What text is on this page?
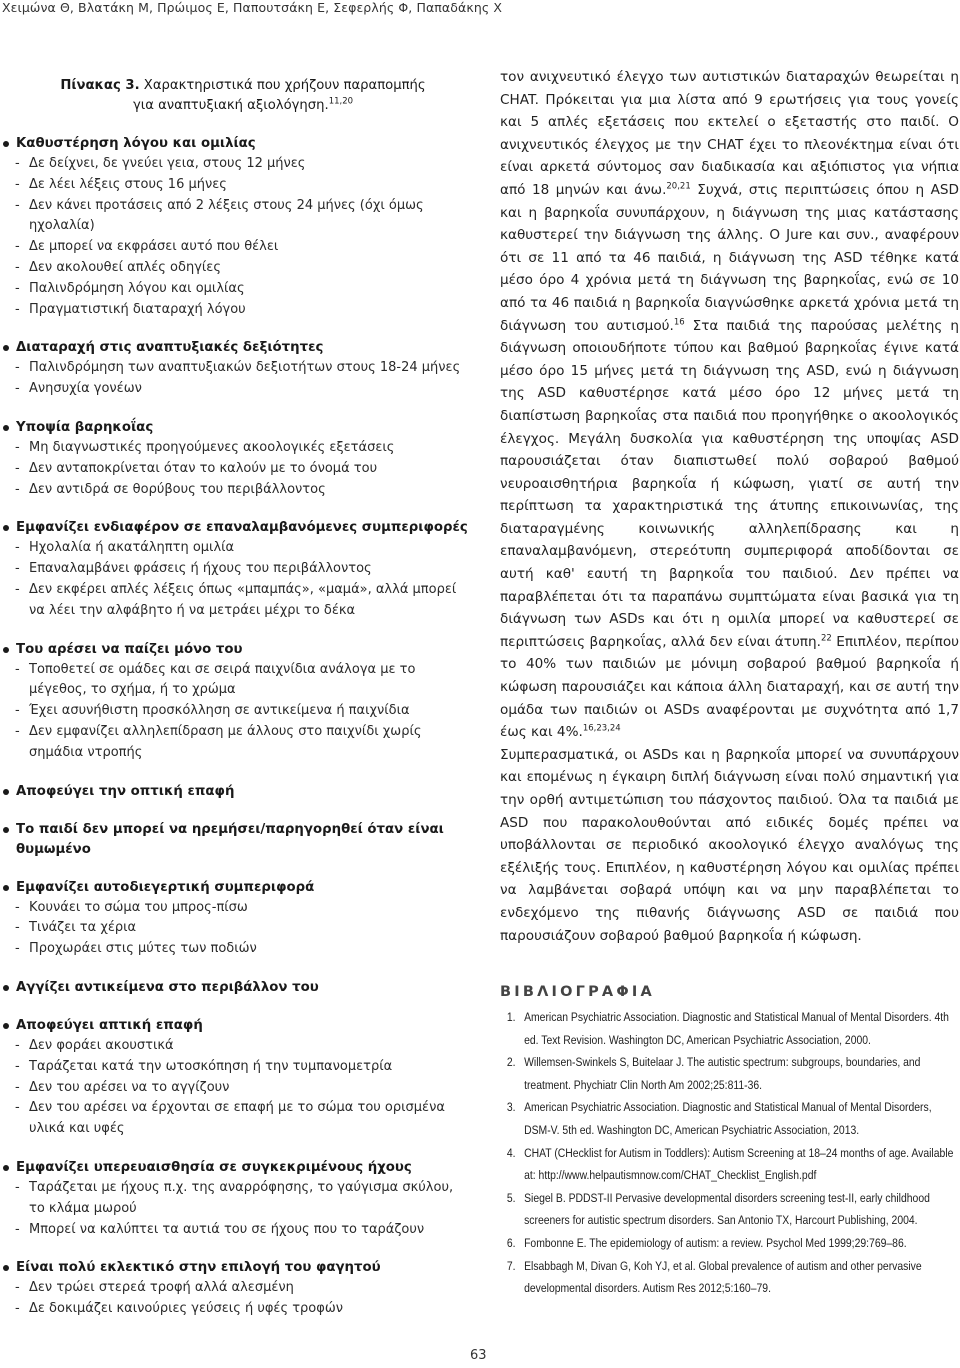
Χειμώνα Θ, Βλατάκη Μ, Πρώιμος Ε, Παπουτσάκη Ε, Σεφερλής Φ, Παπαδάκης Χ
Πίνακας 3. Χαρακτηριστικά που χρήζουν παραπομπής
για αναπτυξιακή αξιολόγηση.$^{11,20}$
Καθυστέρηση λόγου και ομιλίας
- Δε δείχνει, δε γνεύει γεια, στους 12 μήνες
- Δε λέει λέξεις στους 16 μήνες
- Δεν κάνει προτάσεις από 2 λέξεις στους 24 μήνες (όχι όμως ηχολαλία)
- Δε μπορεί να εκφράσει αυτό που θέλει
- Δεν ακολουθεί απλές οδηγίες
- Παλινδρόμηση λόγου και ομιλίας
- Πραγματιστική διαταραχή λόγου
Διαταραχή στις αναπτυξιακές δεξιότητες
- Παλινδρόμηση των αναπτυξιακών δεξιοτήτων στους 18-24 μήνες
- Ανησυχία γονέων
Υποψία βαρηκοΐας
- Μη διαγνωστικές προηγούμενες ακοολογικές εξετάσεις
- Δεν ανταποκρίνεται όταν το καλούν με το όνομά του
- Δεν αντιδρά σε θορύβους του περιβάλλοντος
Εμφανίζει ενδιαφέρον σε επαναλαμβανόμενες συμπεριφορές
- Ηχολαλία ή ακατάληπτη ομιλία
- Επαναλαμβάνει φράσεις ή ήχους του περιβάλλοντος
- Δεν εκφέρει απλές λέξεις όπως «μπαμπάς», «μαμά», αλλά μπορεί να λέει την αλφάβητο ή να μετράει μέχρι το δέκα
Του αρέσει να παίζει μόνο του
- Τοποθετεί σε ομάδες και σε σειρά παιχνίδια ανάλογα με το μέγεθος, το σχήμα, ή το χρώμα
- Έχει ασυνήθιστη προσκόλληση σε αντικείμενα ή παιχνίδια
- Δεν εμφανίζει αλληλεπίδραση με άλλους στο παιχνίδι χωρίς σημάδια ντροπής
Αποφεύγει την οπτική επαφή
Το παιδί δεν μπορεί να ηρεμήσει/παρηγορηθεί όταν είναι θυμωμένο
Εμφανίζει αυτοδιεγερτική συμπεριφορά
- Κουνάει το σώμα του μπρος-πίσω
- Τινάζει τα χέρια
- Προχωράει στις μύτες των ποδιών
Αγγίζει αντικείμενα στο περιβάλλον του
Αποφεύγει απτική επαφή
- Δεν φοράει ακουστικά
- Ταράζεται κατά την ωτοσκόπηση ή την τυμπανομετρία
- Δεν του αρέσει να το αγγίζουν
- Δεν του αρέσει να έρχονται σε επαφή με το σώμα του ορισμένα υλικά και υφές
Εμφανίζει υπερευαισθησία σε συγκεκριμένους ήχους
- Ταράζεται με ήχους π.χ. της αναρρόφησης, το γαύγισμα σκύλου, το κλάμα μωρού
- Μπορεί να καλύπτει τα αυτιά του σε ήχους που το ταράζουν
Είναι πολύ εκλεκτικό στην επιλογή του φαγητού
- Δεν τρώει στερεά τροφή αλλά αλεσμένη
- Δε δοκιμάζει καινούριες γεύσεις ή υφές τροφών

τον ανιχνευτικό έλεγχο των αυτιστικών διαταραχών θεωρείται η CHAT. Πρόκειται για μια λίστα από 9 ερωτήσεις για τους γονείς και 5 απλές εξετάσεις που εκτελεί ο εξεταστής στο παιδί. Ο ανιχνευτικός έλεγχος με την CHAT έχει το πλεονέκτημα είναι ότι είναι αρκετά σύντομος σαν διαδικασία και αξιόπιστος για νήπια από 18 μηνών και άνω.$^{20,21}$ Συχνά, στις περιπτώσεις όπου η ASD και η βαρηκοΐα συνυπάρχουν, η διάγνωση της μιας κατάστασης καθυστερεί την διάγνωση της άλλης. Ο Jure και συν., αναφέρουν ότι σε 11 από τα 46 παιδιά, η διάγνωση της ASD τέθηκε κατά μέσο όρο 4 χρόνια μετά τη διάγνωση της βαρηκοΐας, ενώ σε 10 από τα 46 παιδιά η βαρηκοΐα διαγνώσθηκε αρκετά χρόνια μετά τη διάγνωση του αυτισμού.$^{16}$ Στα παιδιά της παρούσας μελέτης η διάγνωση οποιουδήποτε τύπου και βαθμού βαρηκοΐας έγινε κατά μέσο όρο 15 μήνες μετά τη διάγνωση της ASD, ενώ η διάγνωση της ASD καθυστέρησε κατά μέσο όρο 12 μήνες μετά τη διαπίστωση βαρηκοΐας στα παιδιά που προηγήθηκε ο ακοολογικός έλεγχος. Μεγάλη δυσκολία για καθυστέρηση της υποψίας ASD παρουσιάζεται όταν διαπιστωθεί πολύ σοβαρού βαθμού νευροαισθητήρια βαρηκοΐα ή κώφωση, γιατί σε αυτή την περίπτωση τα χαρακτηριστικά της άτυπης επικοινωνίας, της διαταραγμένης κοινωνικής αλληλεπίδρασης και η επαναλαμβανόμενη, στερεότυπη συμπεριφορά αποδίδονται σε αυτή καθ' εαυτή τη βαρηκοΐα του παιδιού. Δεν πρέπει να παραβλέπεται ότι τα παραπάνω συμπτώματα είναι βασικά για τη διάγνωση των ASDs και ότι η ομιλία μπορεί να καθυστερεί σε περιπτώσεις βαρηκοΐας, αλλά δεν είναι άτυπη.$^{22}$ Επιπλέον, περίπου το 40% των παιδιών με μόνιμη σοβαρού βαθμού βαρηκοΐα ή κώφωση παρουσιάζει και κάποια άλλη διαταραχή, και σε αυτή την ομάδα των παιδιών οι ASDs αναφέρονται με συχνότητα από 1,7 έως και 4%.$^{16,23,24}$

Συμπερασματικά, οι ASDs και η βαρηκοΐα μπορεί να συνυπάρχουν και επομένως η έγκαιρη διπλή διάγνωση είναι πολύ σημαντική για την ορθή αντιμετώπιση του πάσχοντος παιδιού. Όλα τα παιδιά με ASD που παρακολουθούνται από ειδικές δομές πρέπει να υποβάλλονται σε περιοδικό ακοολογικό έλεγχο αναλόγως της εξέλιξής τους. Επιπλέον, η καθυστέρηση λόγου και ομιλίας πρέπει να λαμβάνεται σοβαρά υπόψη και να μην παραβλέπεται το ενδεχόμενο της πιθανής διάγνωσης ASD σε παιδιά που παρουσιάζουν σοβαρού βαθμού βαρηκοΐα ή κώφωση.

ΒΙΒΛΙΟΓΡΑΦΙΑ
1. American Psychiatric Association. Diagnostic and Statistical Manual of Mental Disorders. 4th ed. Text Revision. Washington DC, American Psychiatric Association, 2000.
2. Willemsen-Swinkels S, Buitelaar J. The autistic spectrum: subgroups, boundaries, and treatment. Phychiatr Clin North Am 2002;25:811-36.
3. American Psychiatric Association. Diagnostic and Statistical Manual of Mental Disorders, DSM-V. 5th ed. Washington DC, American Psychiatric Association, 2013.
4. CHAT (CHecklist for Autism in Toddlers): Autism Screening at 18–24 months of age. Available at: http://www.helpautismnow.com/CHAT_Checklist_English.pdf
5. Siegel B. PDDST-II Pervasive developmental disorders screening test-II, early childhood screeners for autistic spectrum disorders. San Antonio TX, Harcourt Publishing, 2004.
6. Fombonne E. The epidemiology of autism: a review. Psychol Med 1999;29:769–86.
7. Elsabbagh M, Divan G, Koh YJ, et al. Global prevalence of autism and other pervasive developmental disorders. Autism Res 2012;5:160–79.
63
